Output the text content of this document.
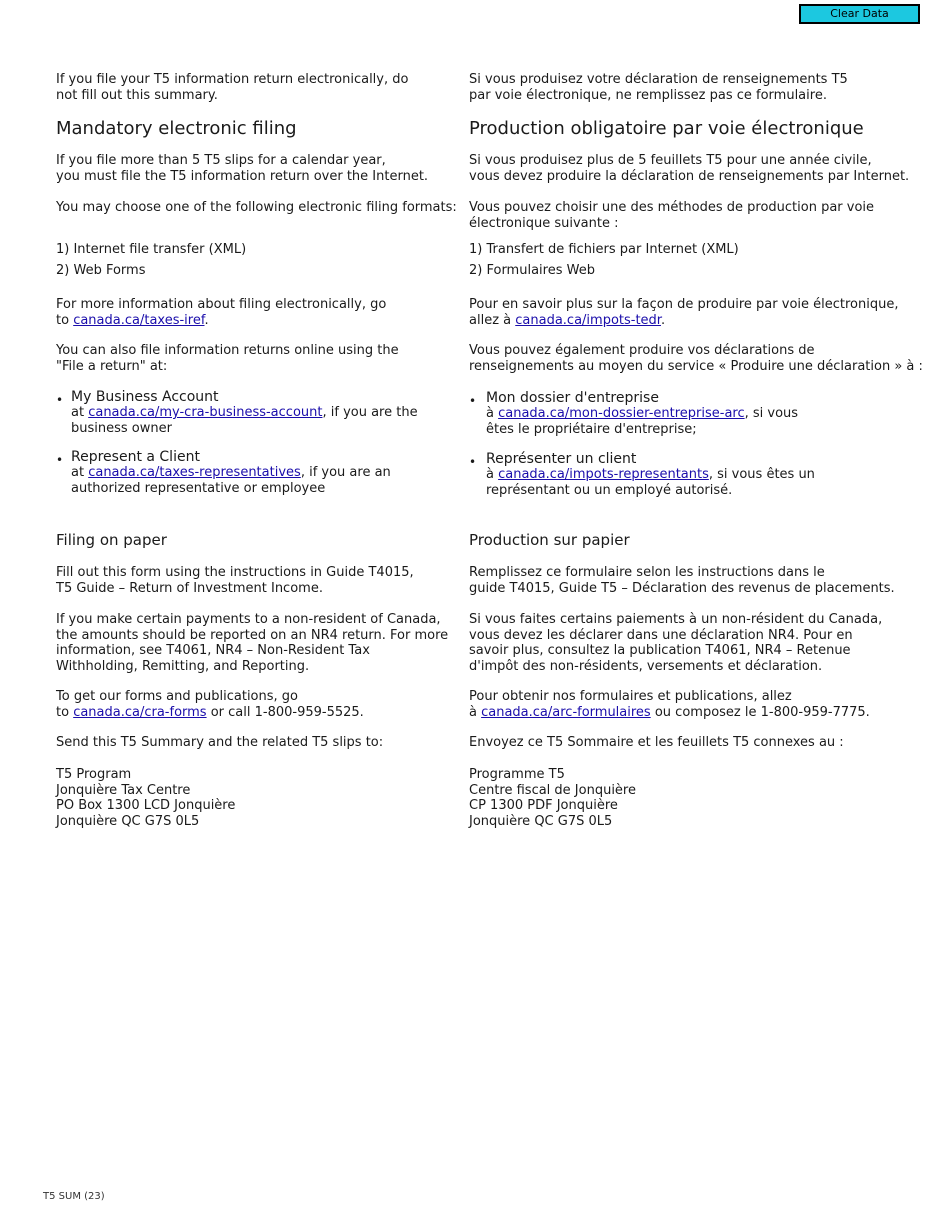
Clear Data
If you file your T5 information return electronically, do
not fill out this summary.
Mandatory electronic filing
If you file more than 5 T5 slips for a calendar year,
you must file the T5 information return over the Internet.
You may choose one of the following electronic filing formats:
1) Internet file transfer (XML)
2) Web Forms
For more information about filing electronically, go
to canada.ca/taxes-iref.
You can also file information returns online using the
"File a return" at:
• My Business Account
at canada.ca/my-cra-business-account, if you are the
business owner
• Represent a Client
at canada.ca/taxes-representatives, if you are an
authorized representative or employee
Filing on paper
Fill out this form using the instructions in Guide T4015,
T5 Guide – Return of Investment Income.
If you make certain payments to a non-resident of Canada,
the amounts should be reported on an NR4 return. For more
information, see T4061, NR4 – Non-Resident Tax
Withholding, Remitting, and Reporting.
To get our forms and publications, go
to canada.ca/cra-forms or call 1-800-959-5525.
Send this T5 Summary and the related T5 slips to:
T5 Program
Jonquière Tax Centre
PO Box 1300 LCD Jonquière
Jonquière QC G7S 0L5
Si vous produisez votre déclaration de renseignements T5
par voie électronique, ne remplissez pas ce formulaire.
Production obligatoire par voie électronique
Si vous produisez plus de 5 feuillets T5 pour une année civile,
vous devez produire la déclaration de renseignements par Internet.
Vous pouvez choisir une des méthodes de production par voie
électronique suivante :
1) Transfert de fichiers par Internet (XML)
2) Formulaires Web
Pour en savoir plus sur la façon de produire par voie électronique,
allez à canada.ca/impots-tedr.
Vous pouvez également produire vos déclarations de
renseignements au moyen du service « Produire une déclaration » à :
• Mon dossier d'entreprise
à canada.ca/mon-dossier-entreprise-arc, si vous
êtes le propriétaire d'entreprise;
• Représenter un client
à canada.ca/impots-representants, si vous êtes un
représentant ou un employé autorisé.
Production sur papier
Remplissez ce formulaire selon les instructions dans le
guide T4015, Guide T5 – Déclaration des revenus de placements.
Si vous faites certains paiements à un non-résident du Canada,
vous devez les déclarer dans une déclaration NR4. Pour en
savoir plus, consultez la publication T4061, NR4 – Retenue
d'impôt des non-résidents, versements et déclaration.
Pour obtenir nos formulaires et publications, allez
à canada.ca/arc-formulaires ou composez le 1-800-959-7775.
Envoyez ce T5 Sommaire et les feuillets T5 connexes au :
Programme T5
Centre fiscal de Jonquière
CP 1300 PDF Jonquière
Jonquière QC G7S 0L5
T5 SUM (23)
